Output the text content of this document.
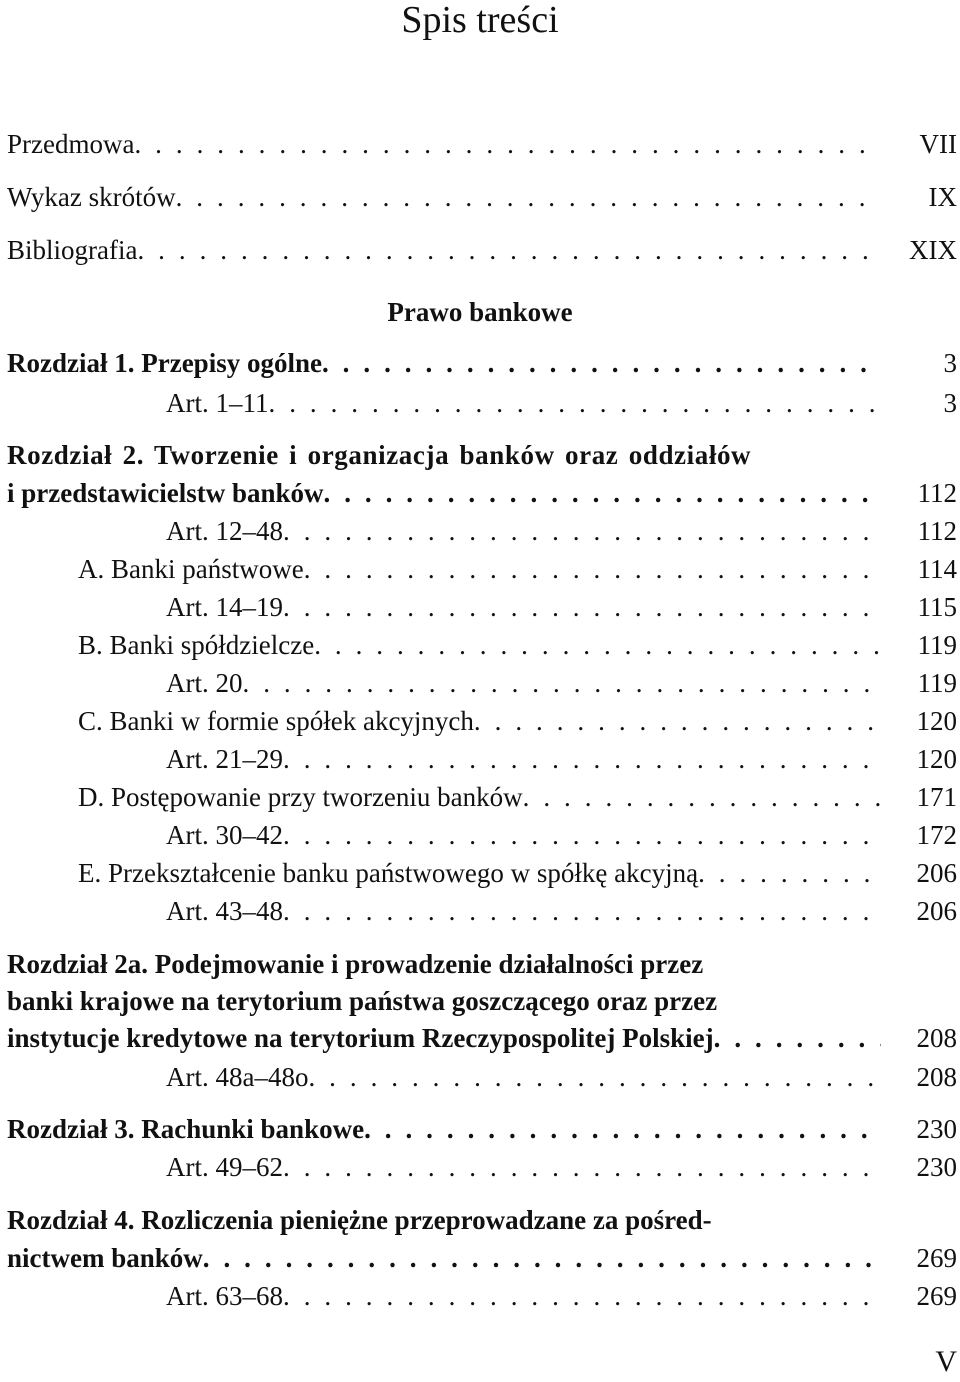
Spis treści
Przedmowa . . .	VII
Wykaz skrótów . . .	IX
Bibliografia . . .	XIX
Prawo bankowe
Rozdział 1. Przepisy ogólne . . .	3
Art. 1–11 . . .	3
Rozdział 2. Tworzenie i organizacja banków oraz oddziałów
i przedstawicielstw banków . . .	112
Art. 12–48 . . .	112
A. Banki państwowe . . .	114
Art. 14–19 . . .	115
B. Banki spółdzielcze . . .	119
Art. 20 . . .	119
C. Banki w formie spółek akcyjnych . . .	120
Art. 21–29 . . .	120
D. Postępowanie przy tworzeniu banków . . .	171
Art. 30–42 . . .	172
E. Przekształcenie banku państwowego w spółkę akcyjną . . .	206
Art. 43–48 . . .	206
Rozdział 2a. Podejmowanie i prowadzenie działalności przez
banki krajowe na terytorium państwa goszczącego oraz przez
instytucje kredytowe na terytorium Rzeczypospolitej Polskiej . . .	208
Art. 48a–48o . . .	208
Rozdział 3. Rachunki bankowe . . .	230
Art. 49–62 . . .	230
Rozdział 4. Rozliczenia pieniężne przeprowadzane za pośred-
nictwem banków . . .	269
Art. 63–68 . . .	269
V
